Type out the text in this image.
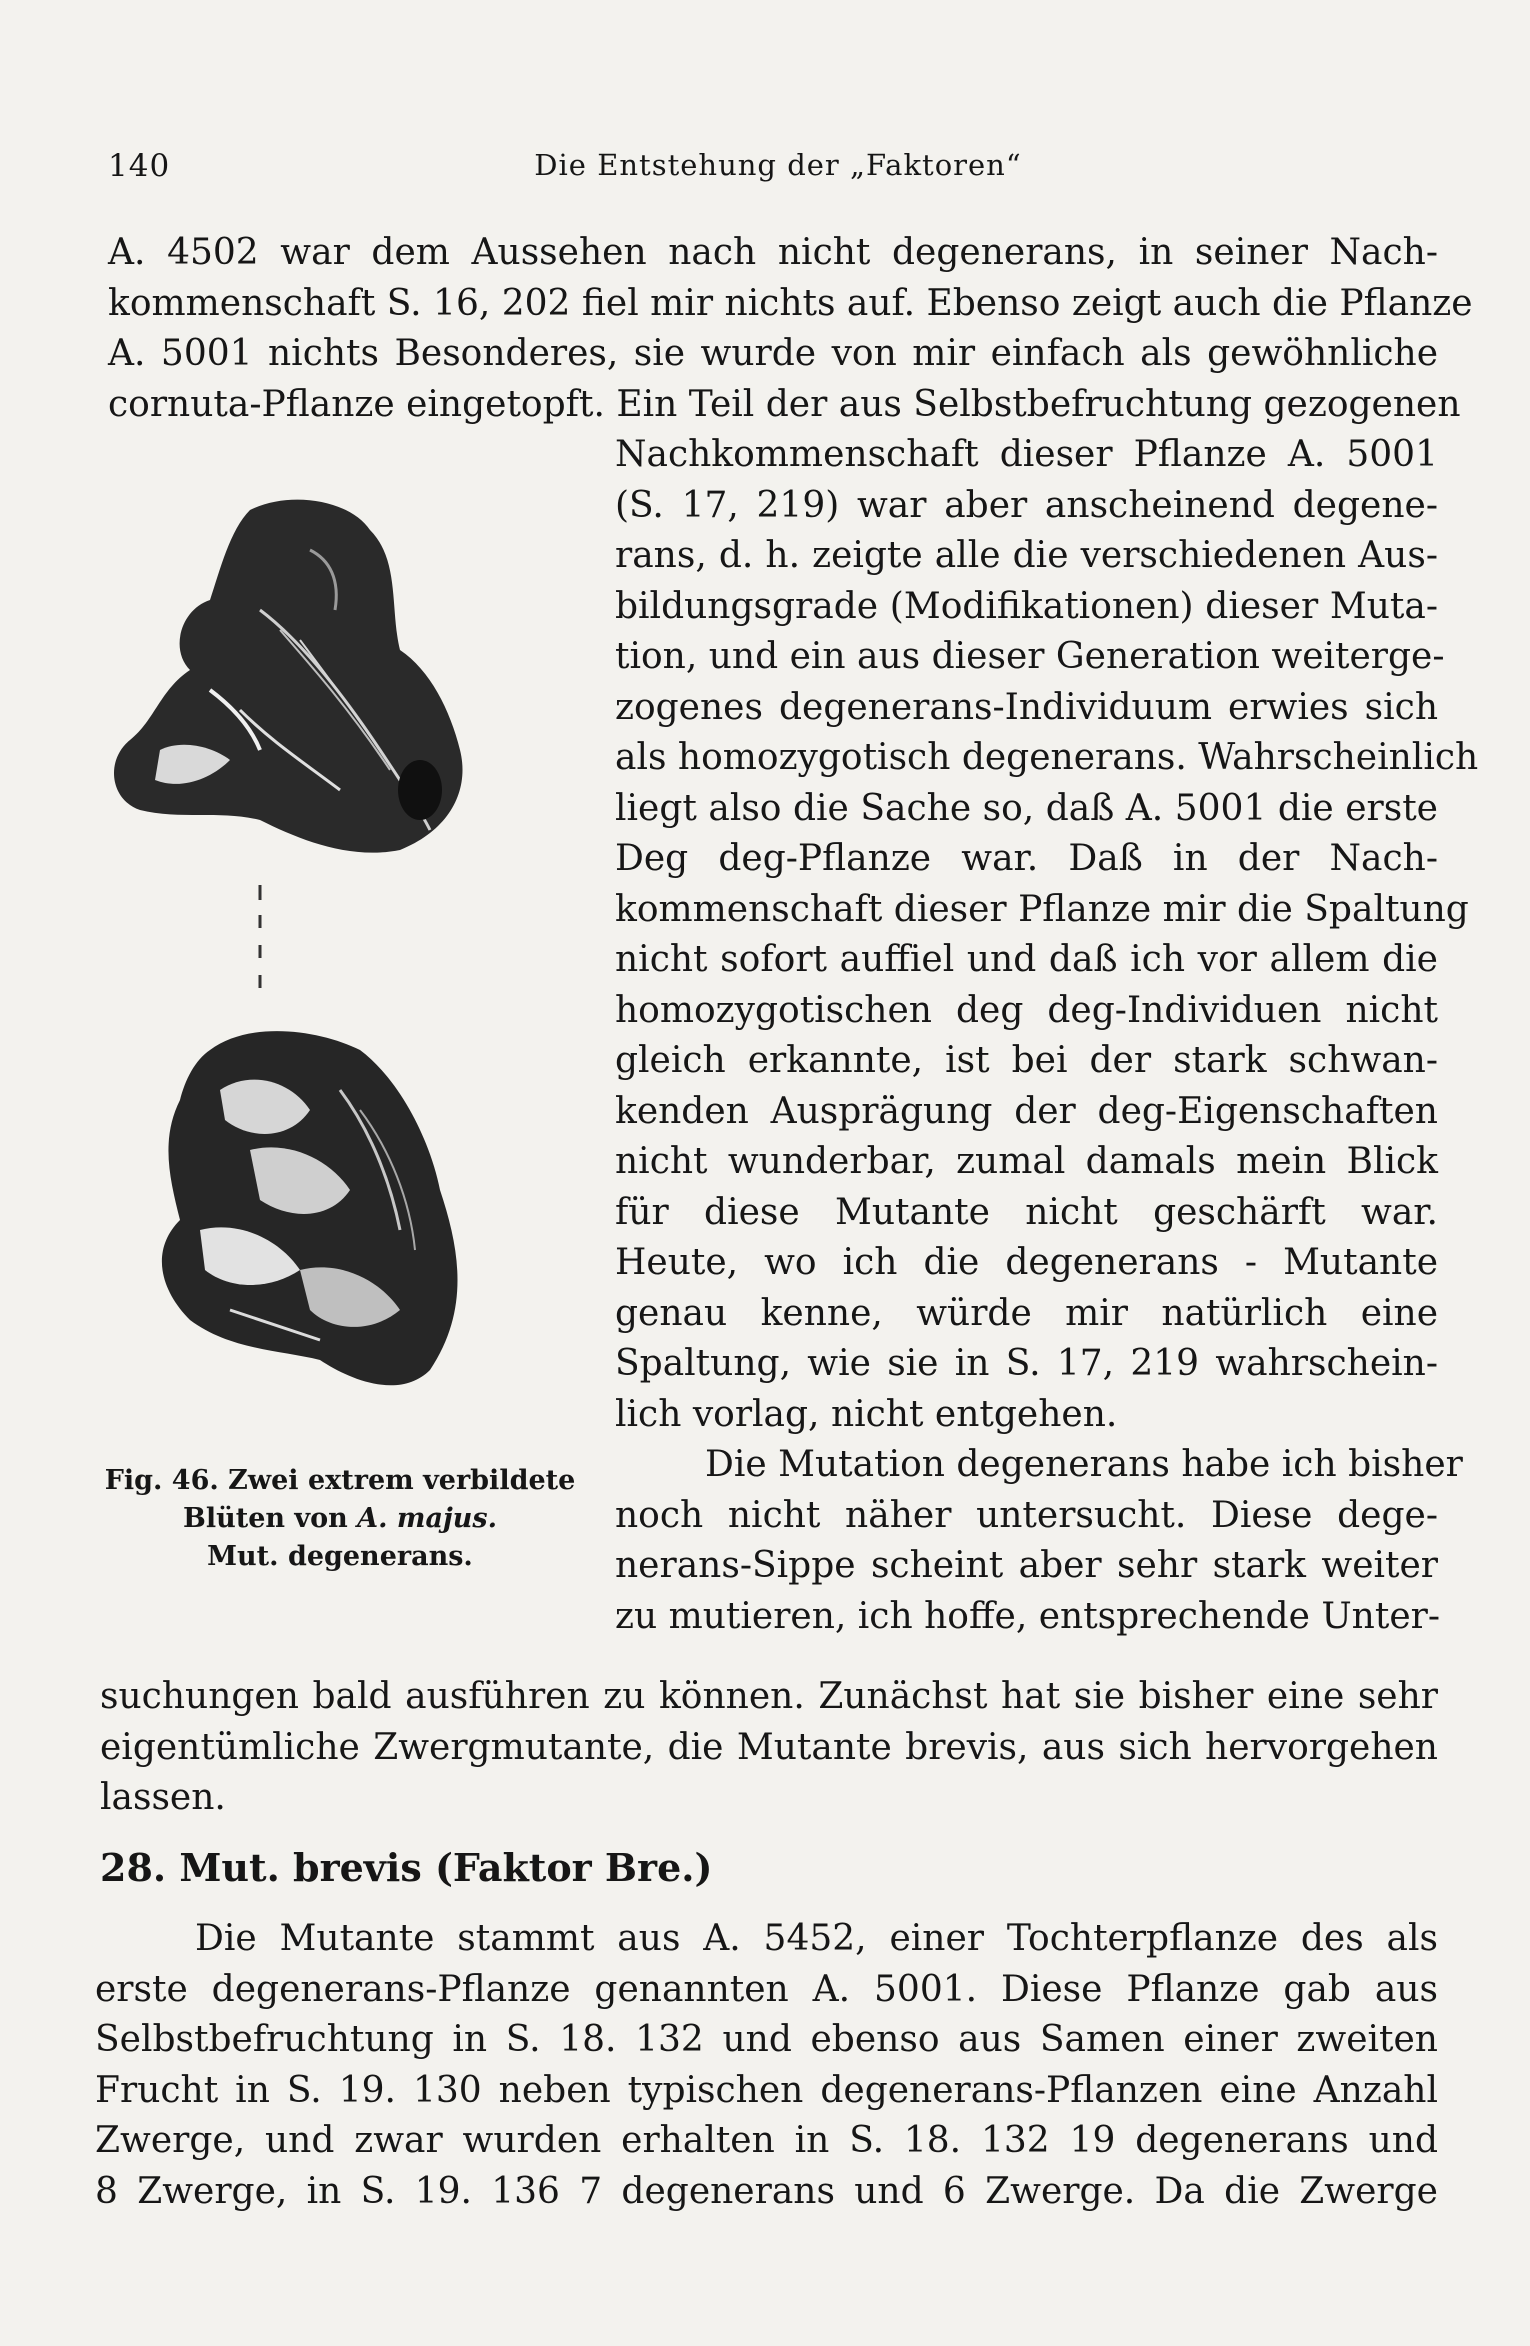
140	Die Entstehung der „Faktoren“
A. 4502 war dem Aussehen nach nicht degenerans, in seiner Nach-
kommenschaft S. 16, 202 fiel mir nichts auf. Ebenso zeigt auch die Pflanze
A. 5001 nichts Besonderes, sie wurde von mir einfach als gewöhnliche
cornuta-Pflanze eingetopft. Ein Teil der aus Selbstbefruchtung gezogenen
Nachkommenschaft dieser Pflanze A. 5001
(S. 17, 219) war aber anscheinend degene-
rans, d. h. zeigte alle die verschiedenen Aus-
bildungsgrade (Modifikationen) dieser Muta-
tion, und ein aus dieser Generation weiterge-
zogenes degenerans-Individuum erwies sich
als homozygotisch degenerans. Wahrscheinlich
liegt also die Sache so, daß A. 5001 die erste
Deg deg-Pflanze war. Daß in der Nach-
kommenschaft dieser Pflanze mir die Spaltung
nicht sofort auffiel und daß ich vor allem die
homozygotischen deg deg-Individuen nicht
gleich erkannte, ist bei der stark schwan-
kenden Ausprägung der deg-Eigenschaften
nicht wunderbar, zumal damals mein Blick
für diese Mutante nicht geschärft war.
Heute, wo ich die degenerans - Mutante
genau kenne, würde mir natürlich eine
Spaltung, wie sie in S. 17, 219 wahrschein-
lich vorlag, nicht entgehen.
Die Mutation degenerans habe ich bisher
noch nicht näher untersucht. Diese dege-
nerans-Sippe scheint aber sehr stark weiter
zu mutieren, ich hoffe, entsprechende Unter-
Fig. 46. Zwei extrem verbildete
Blüten von A. majus.
Mut. degenerans.
suchungen bald ausführen zu können. Zunächst hat sie bisher eine sehr
eigentümliche Zwergmutante, die Mutante brevis, aus sich hervorgehen
lassen.
28. Mut. brevis (Faktor Bre.)
Die Mutante stammt aus A. 5452, einer Tochterpflanze des als
erste degenerans-Pflanze genannten A. 5001. Diese Pflanze gab aus
Selbstbefruchtung in S. 18. 132 und ebenso aus Samen einer zweiten
Frucht in S. 19. 130 neben typischen degenerans-Pflanzen eine Anzahl
Zwerge, und zwar wurden erhalten in S. 18. 132 19 degenerans und
8 Zwerge, in S. 19. 136 7 degenerans und 6 Zwerge. Da die Zwerge
